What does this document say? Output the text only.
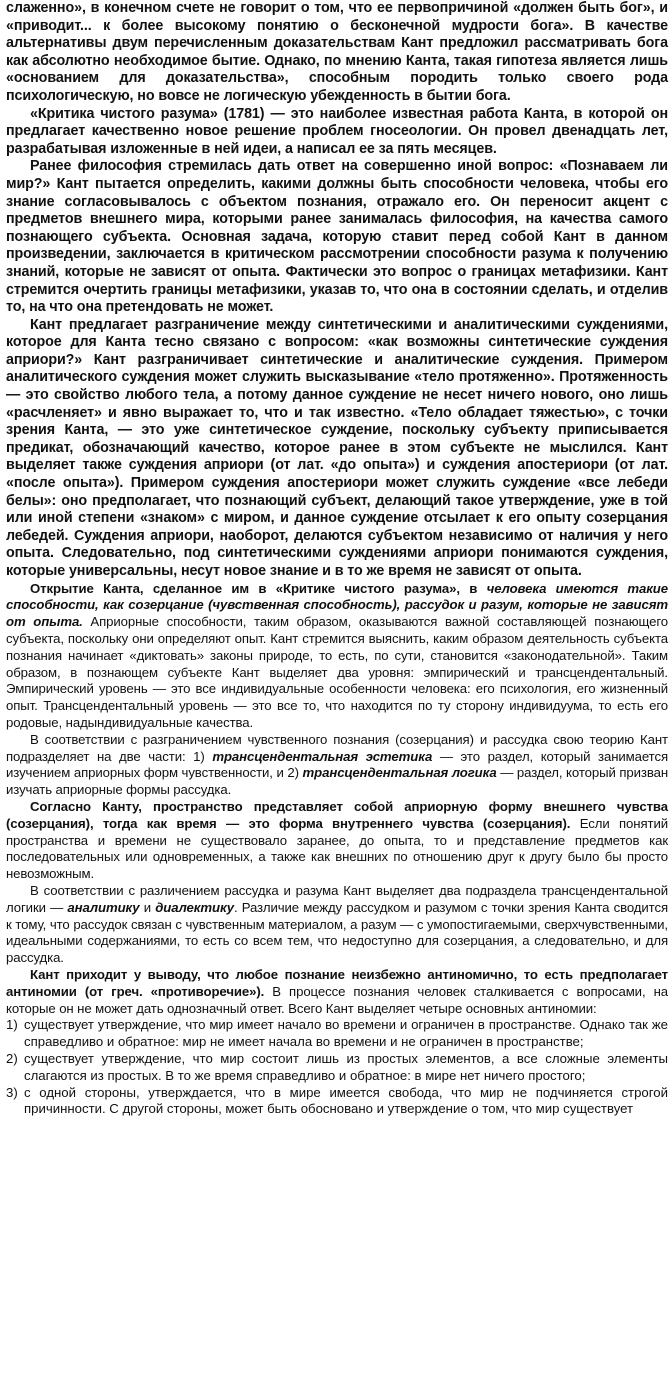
слаженно», в конечном счете не говорит о том, что ее первопричиной «должен быть бог», и «приводит... к более высокому понятию о бесконечной мудрости бога». В качестве альтернативы двум перечисленным доказательствам Кант предложил рассматривать бога как абсолютно необходимое бытие. Однако, по мнению Канта, такая гипотеза является лишь «основанием для доказательства», способным породить только своего рода психологическую, но вовсе не логическую убежденность в бытии бога.

«Критика чистого разума» (1781) — это наиболее известная работа Канта, в которой он предлагает качественно новое решение проблем гносеологии. Он провел двенадцать лет, разрабатывая изложенные в ней идеи, а написал ее за пять месяцев.

Ранее философия стремилась дать ответ на совершенно иной вопрос: «Познаваем ли мир?» Кант пытается определить, какими должны быть способности человека, чтобы его знание согласовывалось с объектом познания, отражало его. Он переносит акцент с предметов внешнего мира, которыми ранее занималась философия, на качества самого познающего субъекта. Основная задача, которую ставит перед собой Кант в данном произведении, заключается в критическом рассмотрении способности разума к получению знаний, которые не зависят от опыта. Фактически это вопрос о границах метафизики. Кант стремится очертить границы метафизики, указав то, что она в состоянии сделать, и отделив то, на что она претендовать не может.

Кант предлагает разграничение между синтетическими и аналитическими суждениями, которое для Канта тесно связано с вопросом: «как возможны синтетические суждения априори?» Кант разграничивает синтетические и аналитические суждения. Примером аналитического суждения может служить высказывание «тело протяженно». Протяженность — это свойство любого тела, а потому данное суждение не несет ничего нового, оно лишь «расчленяет» и явно выражает то, что и так известно. «Тело обладает тяжестью», с точки зрения Канта, — это уже синтетическое суждение, поскольку субъекту приписывается предикат, обозначающий качество, которое ранее в этом субъекте не мыслился. Кант выделяет также суждения априори (от лат. «до опыта») и суждения апостериори (от лат. «после опыта»). Примером суждения апостериори может служить суждение «все лебеди белы»: оно предполагает, что познающий субъект, делающий такое утверждение, уже в той или иной степени «знаком» с миром, и данное суждение отсылает к его опыту созерцания лебедей. Суждения априори, наоборот, делаются субъектом независимо от наличия у него опыта. Следовательно, под синтетическими суждениями априори понимаются суждения, которые универсальны, несут новое знание и в то же время не зависят от опыта.

Открытие Канта, сделанное им в «Критике чистого разума», в человека имеются такие способности, как созерцание (чувственная способность), рассудок и разум, которые не зависят от опыта. Априорные способности, таким образом, оказываются важной составляющей познающего субъекта, поскольку они определяют опыт. Кант стремится выяснить, каким образом деятельность субъекта познания начинает «диктовать» законы природе, то есть, по сути, становится «законодательной». Таким образом, в познающем субъекте Кант выделяет два уровня: эмпирический и трансцендентальный. Эмпирический уровень — это все индивидуальные особенности человека: его психология, его жизненный опыт. Трансцендентальный уровень — это все то, что находится по ту сторону индивидуума, то есть его родовые, надындивидуальные качества.

В соответствии с разграничением чувственного познания (созерцания) и рассудка свою теорию Кант подразделяет на две части: 1) трансцендентальная эстетика — это раздел, который занимается изучением априорных форм чувственности, и 2) трансцендентальная логика — раздел, который призван изучать априорные формы рассудка.

Согласно Канту, пространство представляет собой априорную форму внешнего чувства (созерцания), тогда как время — это форма внутреннего чувства (созерцания). Если понятий пространства и времени не существовало заранее, до опыта, то и представление предметов как последовательных или одновременных, а также как внешних по отношению друг к другу было бы просто невозможным.

В соответствии с различением рассудка и разума Кант выделяет два подраздела трансцендентальной логики — аналитику и диалектику. Различие между рассудком и разумом с точки зрения Канта сводится к тому, что рассудок связан с чувственным материалом, а разум — с умопостигаемыми, сверхчувственными, идеальными содержаниями, то есть со всем тем, что недоступно для созерцания, а следовательно, и для рассудка.

Кант приходит у выводу, что любое познание неизбежно антиномично, то есть предполагает антиномии (от греч. «противоречие»). В процессе познания человек сталкивается с вопросами, на которые он не может дать однозначный ответ. Всего Кант выделяет четыре основных антиномии:

1) существует утверждение, что мир имеет начало во времени и ограничен в пространстве. Однако так же справедливо и обратное: мир не имеет начала во времени и не ограничен в пространстве;
2) существует утверждение, что мир состоит лишь из простых элементов, а все сложные элементы слагаются из простых. В то же время справедливо и обратное: в мире нет ничего простого;
3) с одной стороны, утверждается, что в мире имеется свобода, что мир не подчиняется строгой причинности. С другой стороны, может быть обосновано и утверждение о том, что мир существует
